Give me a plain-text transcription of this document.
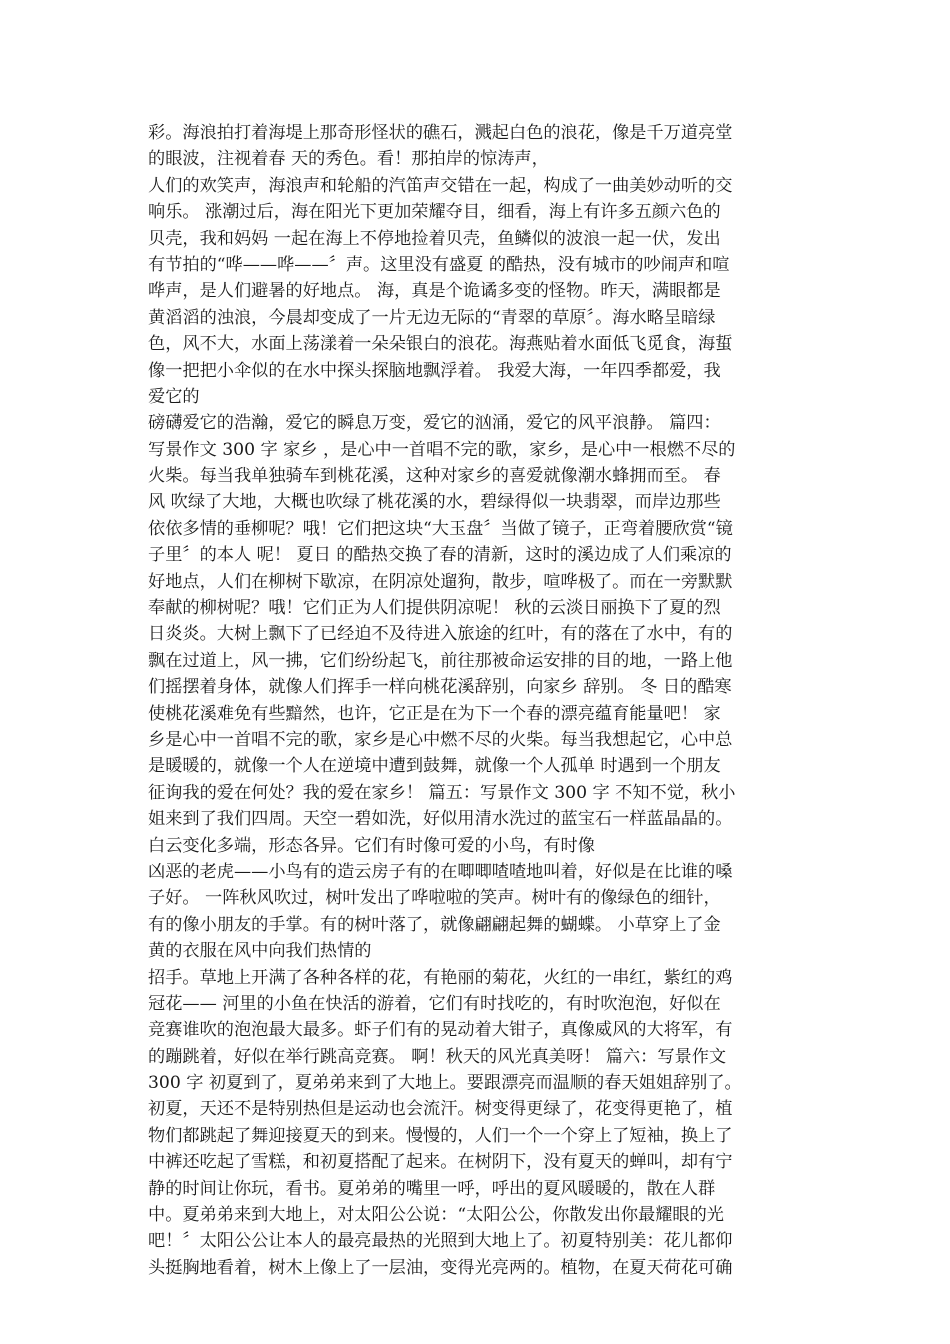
彩。海浪拍打着海堤上那奇形怪状的礁石，溅起白色的浪花，像是千万道亮堂
的眼波，注视着春 天的秀色。看！那拍岸的惊涛声，
人们的欢笑声，海浪声和轮船的汽笛声交错在一起，构成了一曲美妙动听的交
响乐。 涨潮过后，海在阳光下更加荣耀夺目，细看，海上有许多五颜六色的
贝壳，我和妈妈 一起在海上不停地捡着贝壳，鱼鳞似的波浪一起一伏，发出
有节拍的“哗——哗——〞声。这里没有盛夏 的酷热，没有城市的吵闹声和喧
哗声，是人们避暑的好地点。 海，真是个诡谲多变的怪物。昨天，满眼都是
黄滔滔的浊浪，今晨却变成了一片无边无际的“青翠的草原〞。海水略呈暗绿
色，风不大，水面上荡漾着一朵朵银白的浪花。海燕贴着水面低飞觅食，海蜇
像一把把小伞似的在水中探头探脑地飘浮着。 我爱大海，一年四季都爱，我
爱它的
磅礴爱它的浩瀚，爱它的瞬息万变，爱它的汹涌，爱它的风平浪静。 篇四：
写景作文 300 字 家乡 ，是心中一首唱不完的歌，家乡，是心中一根燃不尽的
火柴。每当我单独骑车到桃花溪，这种对家乡的喜爱就像潮水蜂拥而至。 春
风 吹绿了大地，大概也吹绿了桃花溪的水，碧绿得似一块翡翠，而岸边那些
依依多情的垂柳呢？哦！它们把这块“大玉盘〞当做了镜子，正弯着腰欣赏“镜
子里〞的本人 呢！ 夏日 的酷热交换了春的清新，这时的溪边成了人们乘凉的
好地点，人们在柳树下歇凉，在阴凉处遛狗，散步，喧哗极了。而在一旁默默
奉献的柳树呢？哦！它们正为人们提供阴凉呢！ 秋的云淡日丽换下了夏的烈
日炎炎。大树上飘下了已经迫不及待进入旅途的红叶，有的落在了水中，有的
飘在过道上，风一拂，它们纷纷起飞，前往那被命运安排的目的地，一路上他
们摇摆着身体，就像人们挥手一样向桃花溪辞别，向家乡 辞别。 冬 日的酷寒
使桃花溪难免有些黯然，也许，它正是在为下一个春的漂亮蕴育能量吧！ 家
乡是心中一首唱不完的歌，家乡是心中燃不尽的火柴。每当我想起它，心中总
是暖暖的，就像一个人在逆境中遭到鼓舞，就像一个人孤单 时遇到一个朋友
征询我的爱在何处？我的爱在家乡！ 篇五：写景作文 300 字 不知不觉，秋小
姐来到了我们四周。天空一碧如洗，好似用清水洗过的蓝宝石一样蓝晶晶的。
白云变化多端，形态各异。它们有时像可爱的小鸟，有时像
凶恶的老虎——小鸟有的造云房子有的在唧唧喳喳地叫着，好似是在比谁的嗓
子好。 一阵秋风吹过，树叶发出了哗啦啦的笑声。树叶有的像绿色的细针，
有的像小朋友的手掌。有的树叶落了，就像翩翩起舞的蝴蝶。 小草穿上了金
黄的衣服在风中向我们热情的
招手。草地上开满了各种各样的花，有艳丽的菊花，火红的一串红，紫红的鸡
冠花—— 河里的小鱼在快活的游着，它们有时找吃的，有时吹泡泡，好似在
竞赛谁吹的泡泡最大最多。虾子们有的晃动着大钳子，真像威风的大将军，有
的蹦跳着，好似在举行跳高竞赛。 啊！秋天的风光真美呀！ 篇六：写景作文
300 字 初夏到了，夏弟弟来到了大地上。要跟漂亮而温顺的春天姐姐辞别了。
初夏，天还不是特别热但是运动也会流汗。树变得更绿了，花变得更艳了，植
物们都跳起了舞迎接夏天的到来。慢慢的，人们一个一个穿上了短袖，换上了
中裤还吃起了雪糕，和初夏搭配了起来。在树阴下，没有夏天的蝉叫，却有宁
静的时间让你玩，看书。夏弟弟的嘴里一呼，呼出的夏风暖暖的，散在人群
中。夏弟弟来到大地上，对太阳公公说：“太阳公公，你散发出你最耀眼的光
吧！〞太阳公公让本人的最亮最热的光照到大地上了。初夏特别美：花儿都仰
头挺胸地看着，树木上像上了一层油，变得光亮两的。植物，在夏天荷花可确
